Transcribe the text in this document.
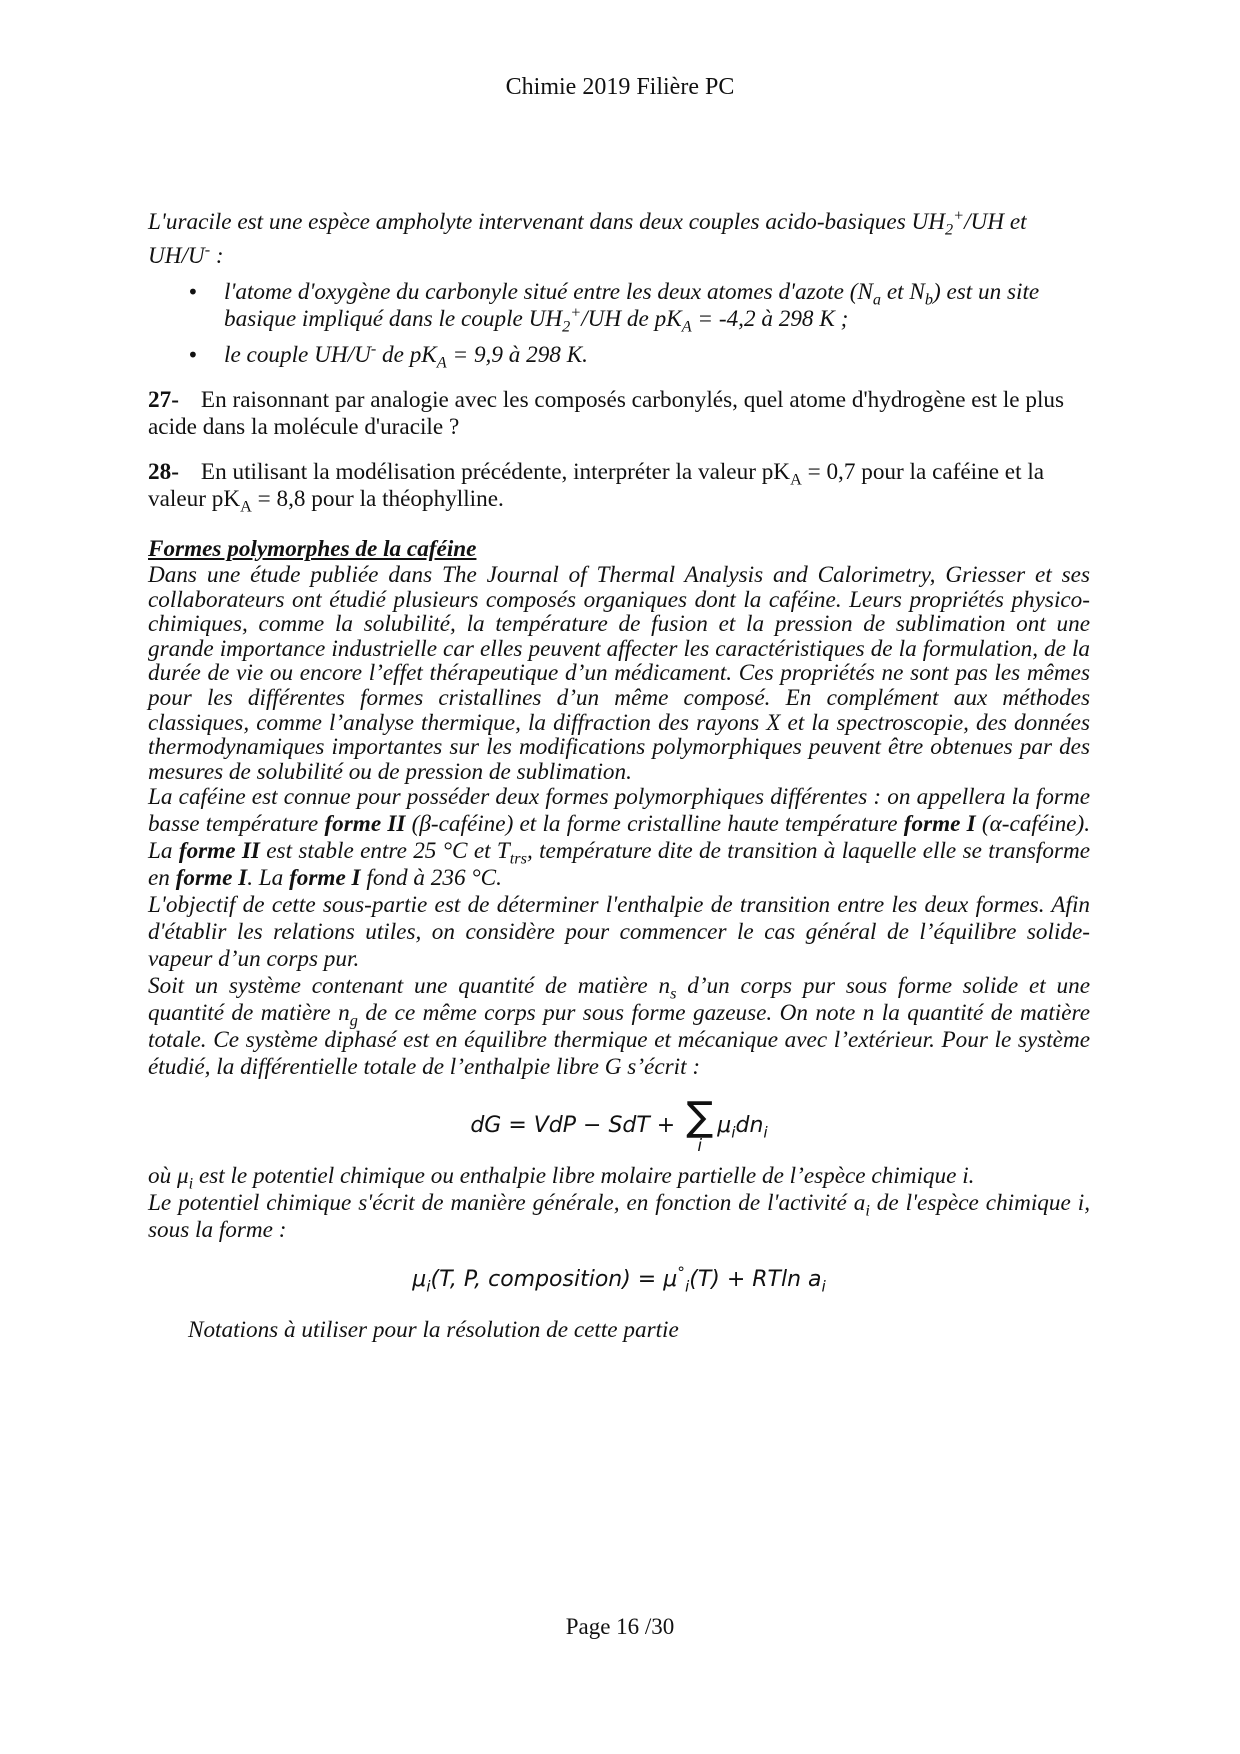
Chimie 2019 Filière PC

L'uracile est une espèce ampholyte intervenant dans deux couples acido-basiques $UH_2^+/UH$ et UH/U- :

• l'atome d'oxygène du carbonyle situé entre les deux atomes d'azote ($N_a$ et $N_b$) est un site basique impliqué dans le couple $UH_2^+/UH$ de $pK_A = -4,2$ à 298 K ;
• le couple UH/U- de $pK_A = 9,9$ à 298 K.

27- En raisonnant par analogie avec les composés carbonylés, quel atome d'hydrogène est le plus acide dans la molécule d'uracile ?

28- En utilisant la modélisation précédente, interpréter la valeur $pK_A = 0,7$ pour la caféine et la valeur $pK_A = 8,8$ pour la théophylline.

Formes polymorphes de la caféine

Dans une étude publiée dans The Journal of Thermal Analysis and Calorimetry, Griesser et ses collaborateurs ont étudié plusieurs composés organiques dont la caféine. Leurs propriétés physico-chimiques, comme la solubilité, la température de fusion et la pression de sublimation ont une grande importance industrielle car elles peuvent affecter les caractéristiques de la formulation, de la durée de vie ou encore l’effet thérapeutique d’un médicament. Ces propriétés ne sont pas les mêmes pour les différentes formes cristallines d’un même composé. En complément aux méthodes classiques, comme l’analyse thermique, la diffraction des rayons X et la spectroscopie, des données thermodynamiques importantes sur les modifications polymorphiques peuvent être obtenues par des mesures de solubilité ou de pression de sublimation.

La caféine est connue pour posséder deux formes polymorphiques différentes : on appellera la forme basse température forme II (β-caféine) et la forme cristalline haute température forme I (α-caféine). La forme II est stable entre 25 °C et $T_{trs}$, température dite de transition à laquelle elle se transforme en forme I. La forme I fond à 236 °C.

L'objectif de cette sous-partie est de déterminer l'enthalpie de transition entre les deux formes. Afin d'établir les relations utiles, on considère pour commencer le cas général de l’équilibre solide-vapeur d’un corps pur.

Soit un système contenant une quantité de matière $n_s$ d’un corps pur sous forme solide et une quantité de matière $n_g$ de ce même corps pur sous forme gazeuse. On note n la quantité de matière totale. Ce système diphasé est en équilibre thermique et mécanique avec l’extérieur. Pour le système étudié, la différentielle totale de l’enthalpie libre G s’écrit :

dG = VdP − SdT + ∑
i
$\mu_idn_i$

où $\mu_i$ est le potentiel chimique ou enthalpie libre molaire partielle de l’espèce chimique i.

Le potentiel chimique s'écrit de manière générale, en fonction de l'activité $a_i$ de l'espèce chimique i, sous la forme :

$\mu_i(T$, P, composition) = $\mu^\circ_i(T) + RTln$ $a_i$

Notations à utiliser pour la résolution de cette partie

Page 16 /30
